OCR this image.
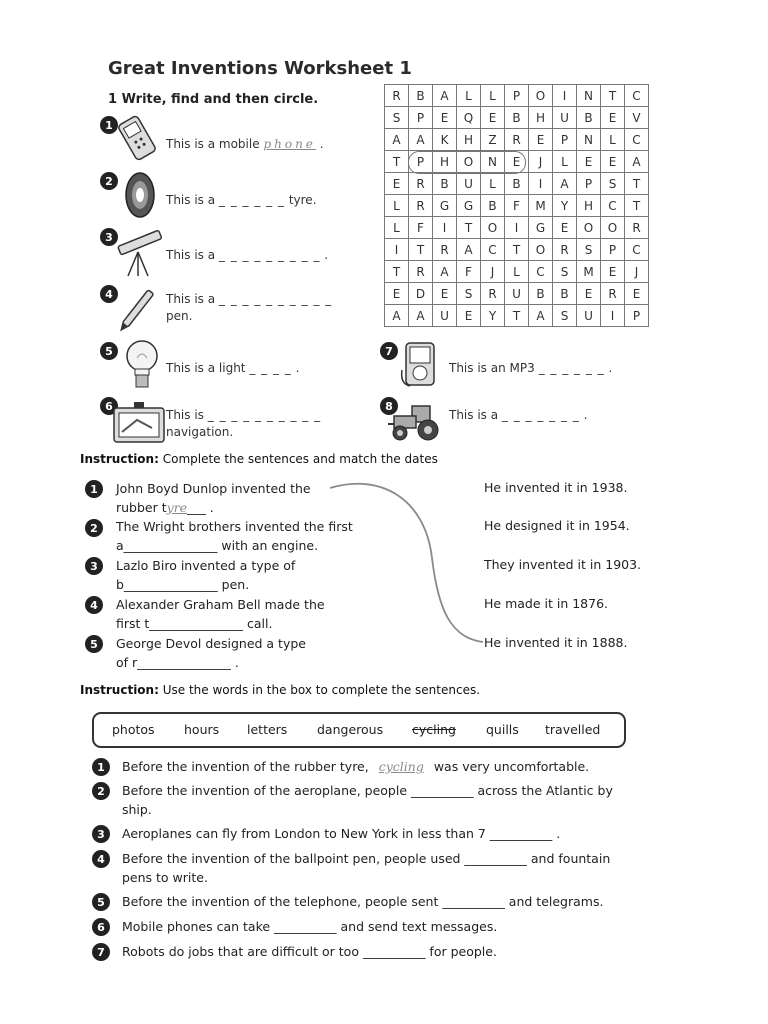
Great Inventions Worksheet 1
1 Write, find and then circle.
1
This is a mobile phone .
2
This is a _ _ _ _ _ _ tyre.
3
This is a _ _ _ _ _ _ _ _ _ .
4	This is a _ _ _ _ _ _ _ _ _ _
pen.
5
This is a light _ _ _ _ .
6
This is _ _ _ _ _ _ _ _ _ _
navigation.
7
This is an MP3 _ _ _ _ _ _ .
8
This is a _ _ _ _ _ _ _ .
R	B	A	L	L	P	O	I	N	T	C
S	P	E	Q	E	B	H	U	B	E	V
A	A	K	H	Z	R	E	P	N	L	C
T	P	H	O	N	E	J	L	E	E	A
E	R	B	U	L	B	I	A	P	S	T
L	R	G	G	B	F	M	Y	H	C	T
L	F	I	T	O	I	G	E	O	O	R
I	T	R	A	C	T	O	R	S	P	C
T	R	A	F	J	L	C	S	M	E	J
E	D	E	S	R	U	B	B	E	R	E
A	A	U	E	Y	T	A	S	U	I	P
Instruction: Complete the sentences and match the dates
1	John Boyd Dunlop invented the
rubber tyre___ .
2	The Wright brothers invented the first
a_______________ with an engine.
3	Lazlo Biro invented a type of
b_______________ pen.
4	Alexander Graham Bell made the
first t_______________ call.
5	George Devol designed a type
of r_______________ .
He invented it in 1938.
He designed it in 1954.
They invented it in 1903.
He made it in 1876.
He invented it in 1888.
Instruction: Use the words in the box to complete the sentences.
photos hours letters dangerous cycling quills travelled
1	Before the invention of the rubber tyre, cycling was very uncomfortable.
2	Before the invention of the aeroplane, people __________ across the Atlantic by
ship.
3	Aeroplanes can fly from London to New York in less than 7 __________ .
4	Before the invention of the ballpoint pen, people used __________ and fountain
pens to write.
5	Before the invention of the telephone, people sent __________ and telegrams.
6	Mobile phones can take __________ and send text messages.
7	Robots do jobs that are difficult or too __________ for people.
